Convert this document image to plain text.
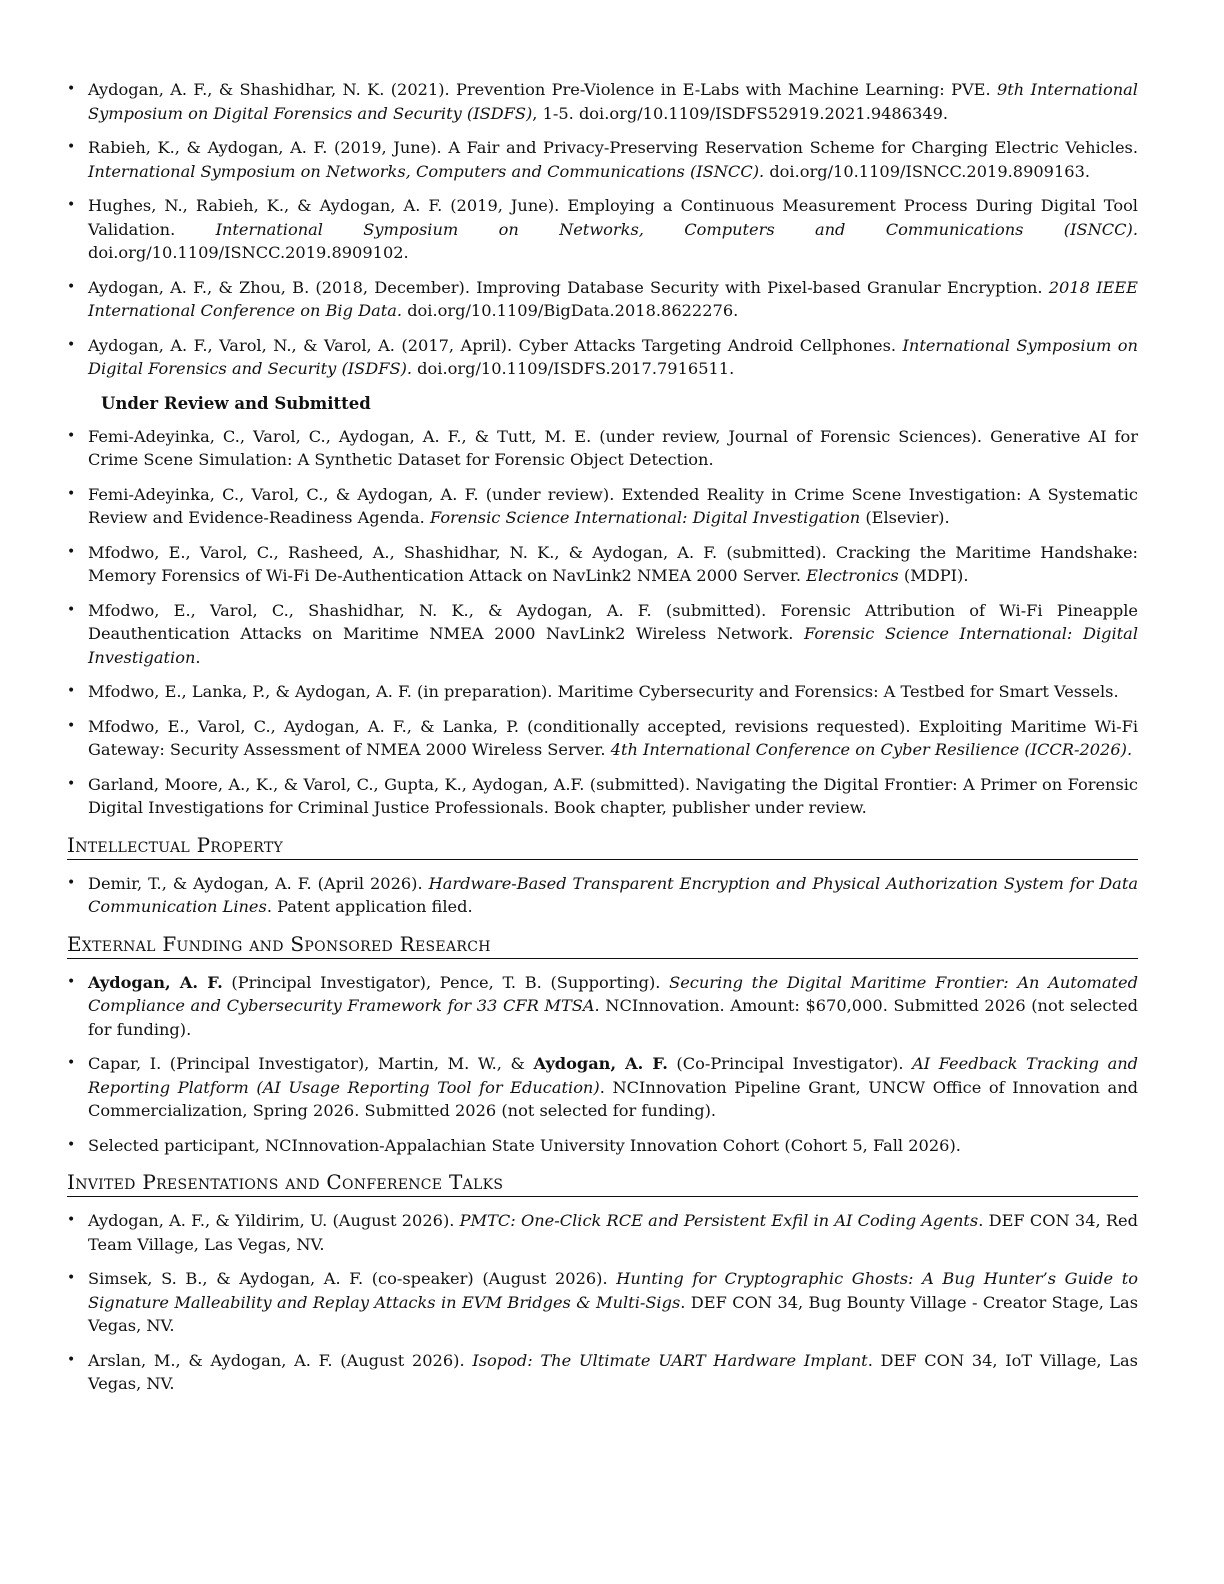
• Aydogan, A. F., & Shashidhar, N. K. (2021). Prevention Pre-Violence in E-Labs with Machine Learning: PVE. 9th International Symposium on Digital Forensics and Security (ISDFS), 1-5. doi.org/10.1109/ISDFS52919.2021.9486349.
• Rabieh, K., & Aydogan, A. F. (2019, June). A Fair and Privacy-Preserving Reservation Scheme for Charging Electric Vehicles. International Symposium on Networks, Computers and Communications (ISNCC). doi.org/10.1109/ISNCC.2019.8909163.
• Hughes, N., Rabieh, K., & Aydogan, A. F. (2019, June). Employing a Continuous Measurement Process During Digital Tool Validation. International Symposium on Networks, Computers and Communications (ISNCC). doi.org/10.1109/ISNCC.2019.8909102.
• Aydogan, A. F., & Zhou, B. (2018, December). Improving Database Security with Pixel-based Granular Encryption. 2018 IEEE International Conference on Big Data. doi.org/10.1109/BigData.2018.8622276.
• Aydogan, A. F., Varol, N., & Varol, A. (2017, April). Cyber Attacks Targeting Android Cellphones. International Symposium on Digital Forensics and Security (ISDFS). doi.org/10.1109/ISDFS.2017.7916511.
Under Review and Submitted
• Femi-Adeyinka, C., Varol, C., Aydogan, A. F., & Tutt, M. E. (under review, Journal of Forensic Sciences). Generative AI for Crime Scene Simulation: A Synthetic Dataset for Forensic Object Detection.
• Femi-Adeyinka, C., Varol, C., & Aydogan, A. F. (under review). Extended Reality in Crime Scene Investigation: A Systematic Review and Evidence-Readiness Agenda. Forensic Science International: Digital Investigation (Elsevier).
• Mfodwo, E., Varol, C., Rasheed, A., Shashidhar, N. K., & Aydogan, A. F. (submitted). Cracking the Maritime Handshake: Memory Forensics of Wi-Fi De-Authentication Attack on NavLink2 NMEA 2000 Server. Electronics (MDPI).
• Mfodwo, E., Varol, C., Shashidhar, N. K., & Aydogan, A. F. (submitted). Forensic Attribution of Wi-Fi Pineapple Deauthentication Attacks on Maritime NMEA 2000 NavLink2 Wireless Network. Forensic Science International: Digital Investigation.
• Mfodwo, E., Lanka, P., & Aydogan, A. F. (in preparation). Maritime Cybersecurity and Forensics: A Testbed for Smart Vessels.
• Mfodwo, E., Varol, C., Aydogan, A. F., & Lanka, P. (conditionally accepted, revisions requested). Exploiting Maritime Wi-Fi Gateway: Security Assessment of NMEA 2000 Wireless Server. 4th International Conference on Cyber Resilience (ICCR-2026).
• Garland, Moore, A., K., & Varol, C., Gupta, K., Aydogan, A.F. (submitted). Navigating the Digital Frontier: A Primer on Forensic Digital Investigations for Criminal Justice Professionals. Book chapter, publisher under review.
Intellectual Property
• Demir, T., & Aydogan, A. F. (April 2026). Hardware-Based Transparent Encryption and Physical Authorization System for Data Communication Lines. Patent application filed.
External Funding and Sponsored Research
• Aydogan, A. F. (Principal Investigator), Pence, T. B. (Supporting). Securing the Digital Maritime Frontier: An Automated Compliance and Cybersecurity Framework for 33 CFR MTSA. NCInnovation. Amount: $670,000. Submitted 2026 (not selected for funding).
• Capar, I. (Principal Investigator), Martin, M. W., & Aydogan, A. F. (Co-Principal Investigator). AI Feedback Tracking and Reporting Platform (AI Usage Reporting Tool for Education). NCInnovation Pipeline Grant, UNCW Office of Innovation and Commercialization, Spring 2026. Submitted 2026 (not selected for funding).
• Selected participant, NCInnovation-Appalachian State University Innovation Cohort (Cohort 5, Fall 2026).
Invited Presentations and Conference Talks
• Aydogan, A. F., & Yildirim, U. (August 2026). PMTC: One-Click RCE and Persistent Exfil in AI Coding Agents. DEF CON 34, Red Team Village, Las Vegas, NV.
• Simsek, S. B., & Aydogan, A. F. (co-speaker) (August 2026). Hunting for Cryptographic Ghosts: A Bug Hunter’s Guide to Signature Malleability and Replay Attacks in EVM Bridges & Multi-Sigs. DEF CON 34, Bug Bounty Village - Creator Stage, Las Vegas, NV.
• Arslan, M., & Aydogan, A. F. (August 2026). Isopod: The Ultimate UART Hardware Implant. DEF CON 34, IoT Village, Las Vegas, NV.
